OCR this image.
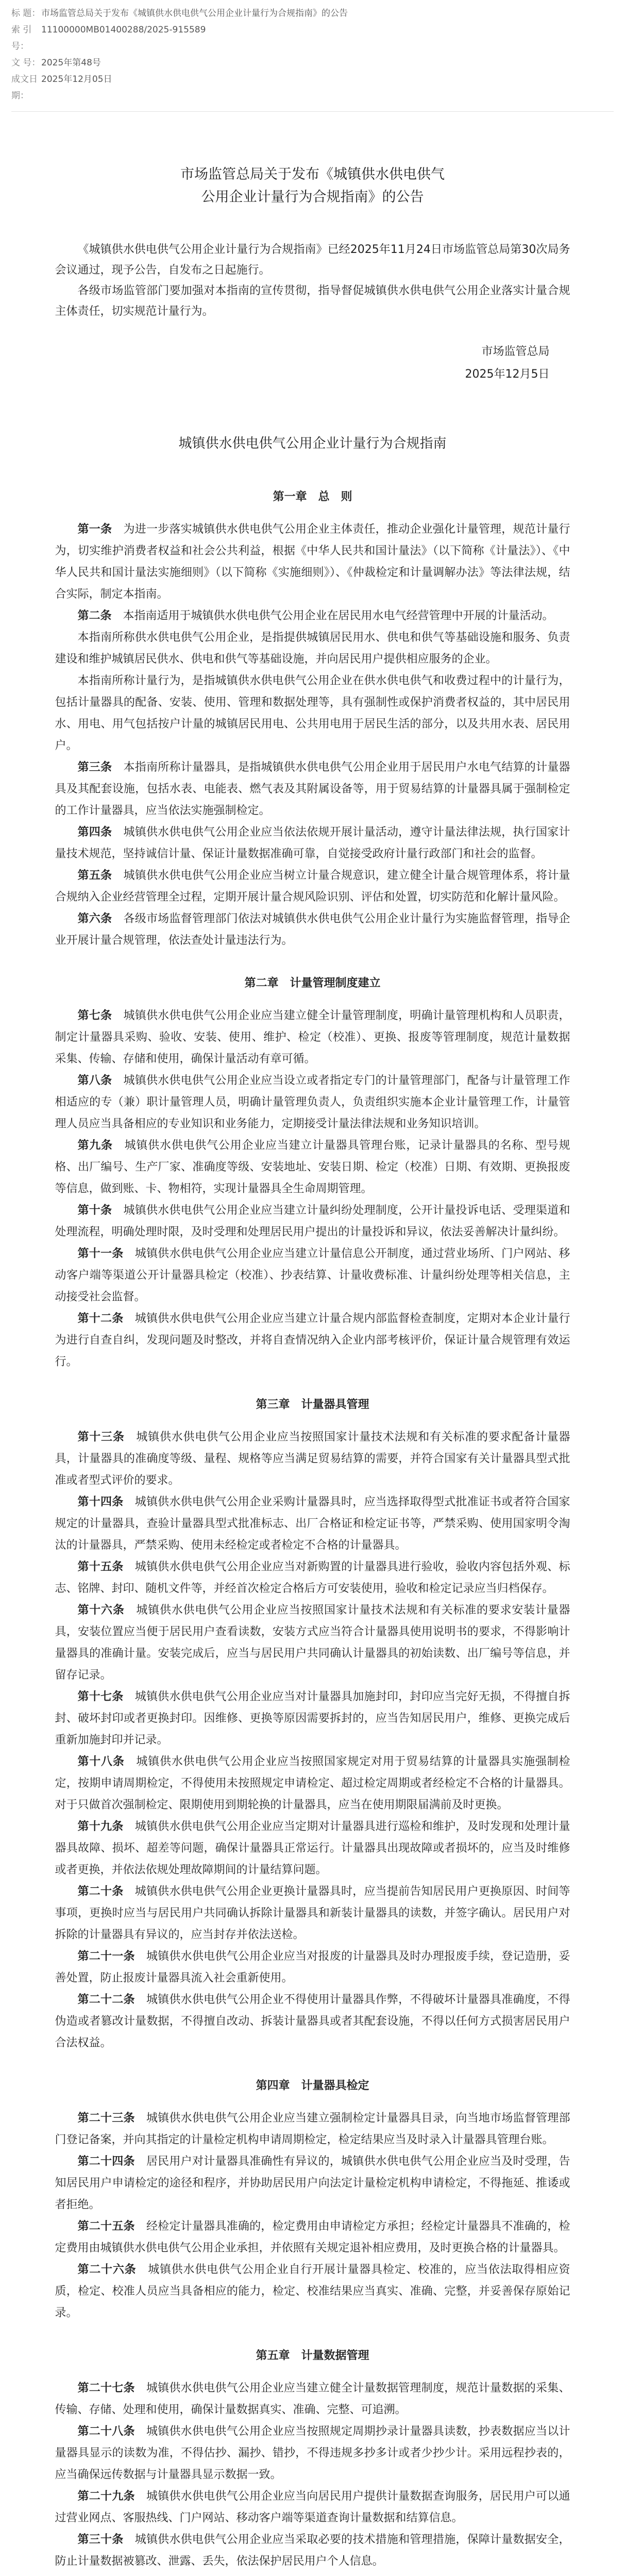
标 题： 市场监管总局关于发布《城镇供水供电供气公用企业计量行为合规指南》的公告
索 引 号：
11100000MB01400288/2025-915589
文 号： 2025年第48号
成文日期：
2025年12月05日
市场监管总局关于发布《城镇供水供电供气
公用企业计量行为合规指南》的公告

《城镇供水供电供气公用企业计量行为合规指南》已经2025年11月24日市场监管总局第30次局务会议通过，现予公告，自发布之日起施行。

各级市场监管部门要加强对本指南的宣传贯彻，指导督促城镇供水供电供气公用企业落实计量合规主体责任，切实规范计量行为。

市场监管总局
2025年12月5日
城镇供水供电供气公用企业计量行为合规指南
第一章　总　则

第一条　 为进一步落实城镇供水供电供气公用企业主体责任，推动企业强化计量管理，规范计量行为，切实维护消费者权益和社会公共利益，根据《中华人民共和国计量法》（以下简称《计量法》）、《中华人民共和国计量法实施细则》（以下简称《实施细则》）、《仲裁检定和计量调解办法》等法律法规，结合实际，制定本指南。

第二条　 本指南适用于城镇供水供电供气公用企业在居民用水电气经营管理中开展的计量活动。

本指南所称供水供电供气公用企业，是指提供城镇居民用水、供电和供气等基础设施和服务、负责建设和维护城镇居民供水、供电和供气等基础设施，并向居民用户提供相应服务的企业。

本指南所称计量行为，是指城镇供水供电供气公用企业在供水供电供气和收费过程中的计量行为，包括计量器具的配备、安装、使用、管理和数据处理等，具有强制性或保护消费者权益的，其中居民用水、用电、用气包括按户计量的城镇居民用电、公共用电用于居民生活的部分，以及共用水表、居民用户。

第三条　 本指南所称计量器具，是指城镇供水供电供气公用企业用于居民用户水电气结算的计量器具及其配套设施，包括水表、电能表、燃气表及其附属设备等，用于贸易结算的计量器具属于强制检定的工作计量器具，应当依法实施强制检定。

第四条　 城镇供水供电供气公用企业应当依法依规开展计量活动，遵守计量法律法规，执行国家计量技术规范，坚持诚信计量、保证计量数据准确可靠，自觉接受政府计量行政部门和社会的监督。

第五条　 城镇供水供电供气公用企业应当树立计量合规意识，建立健全计量合规管理体系，将计量合规纳入企业经营管理全过程，定期开展计量合规风险识别、评估和处置，切实防范和化解计量风险。

第六条　 各级市场监督管理部门依法对城镇供水供电供气公用企业计量行为实施监督管理，指导企业开展计量合规管理，依法查处计量违法行为。

第二章　计量管理制度建立

第七条　 城镇供水供电供气公用企业应当建立健全计量管理制度，明确计量管理机构和人员职责，制定计量器具采购、验收、安装、使用、维护、检定（校准）、更换、报废等管理制度，规范计量数据采集、传输、存储和使用，确保计量活动有章可循。

第八条　 城镇供水供电供气公用企业应当设立或者指定专门的计量管理部门，配备与计量管理工作相适应的专（兼）职计量管理人员，明确计量管理负责人，负责组织实施本企业计量管理工作，计量管理人员应当具备相应的专业知识和业务能力，定期接受计量法律法规和业务知识培训。

第九条　 城镇供水供电供气公用企业应当建立计量器具管理台账，记录计量器具的名称、型号规格、出厂编号、生产厂家、准确度等级、安装地址、安装日期、检定（校准）日期、有效期、更换报废等信息，做到账、卡、物相符，实现计量器具全生命周期管理。

第十条　 城镇供水供电供气公用企业应当建立计量纠纷处理制度，公开计量投诉电话、受理渠道和处理流程，明确处理时限，及时受理和处理居民用户提出的计量投诉和异议，依法妥善解决计量纠纷。

第十一条　 城镇供水供电供气公用企业应当建立计量信息公开制度，通过营业场所、门户网站、移动客户端等渠道公开计量器具检定（校准）、抄表结算、计量收费标准、计量纠纷处理等相关信息，主动接受社会监督。

第十二条　 城镇供水供电供气公用企业应当建立计量合规内部监督检查制度，定期对本企业计量行为进行自查自纠，发现问题及时整改，并将自查情况纳入企业内部考核评价，保证计量合规管理有效运行。

第三章　计量器具管理

第十三条　 城镇供水供电供气公用企业应当按照国家计量技术法规和有关标准的要求配备计量器具，计量器具的准确度等级、量程、规格等应当满足贸易结算的需要，并符合国家有关计量器具型式批准或者型式评价的要求。

第十四条　 城镇供水供电供气公用企业采购计量器具时，应当选择取得型式批准证书或者符合国家规定的计量器具，查验计量器具型式批准标志、出厂合格证和检定证书等，严禁采购、使用国家明令淘汰的计量器具，严禁采购、使用未经检定或者检定不合格的计量器具。

第十五条　 城镇供水供电供气公用企业应当对新购置的计量器具进行验收，验收内容包括外观、标志、铭牌、封印、随机文件等，并经首次检定合格后方可安装使用，验收和检定记录应当归档保存。

第十六条　 城镇供水供电供气公用企业应当按照国家计量技术法规和有关标准的要求安装计量器具，安装位置应当便于居民用户查看读数，安装方式应当符合计量器具使用说明书的要求，不得影响计量器具的准确计量。安装完成后，应当与居民用户共同确认计量器具的初始读数、出厂编号等信息，并留存记录。

第十七条　 城镇供水供电供气公用企业应当对计量器具加施封印，封印应当完好无损，不得擅自拆封、破坏封印或者更换封印。因维修、更换等原因需要拆封的，应当告知居民用户，维修、更换完成后重新加施封印并记录。

第十八条　 城镇供水供电供气公用企业应当按照国家规定对用于贸易结算的计量器具实施强制检定，按期申请周期检定，不得使用未按照规定申请检定、超过检定周期或者经检定不合格的计量器具。对于只做首次强制检定、限期使用到期轮换的计量器具，应当在使用期限届满前及时更换。

第十九条　 城镇供水供电供气公用企业应当定期对计量器具进行巡检和维护，及时发现和处理计量器具故障、损坏、超差等问题，确保计量器具正常运行。计量器具出现故障或者损坏的，应当及时维修或者更换，并依法依规处理故障期间的计量结算问题。

第二十条　 城镇供水供电供气公用企业更换计量器具时，应当提前告知居民用户更换原因、时间等事项，更换时应当与居民用户共同确认拆除计量器具和新装计量器具的读数，并签字确认。居民用户对拆除的计量器具有异议的，应当封存并依法送检。

第二十一条　 城镇供水供电供气公用企业应当对报废的计量器具及时办理报废手续，登记造册，妥善处置，防止报废计量器具流入社会重新使用。

第二十二条　 城镇供水供电供气公用企业不得使用计量器具作弊，不得破坏计量器具准确度，不得伪造或者篡改计量数据，不得擅自改动、拆装计量器具或者其配套设施，不得以任何方式损害居民用户合法权益。

第四章　计量器具检定

第二十三条　 城镇供水供电供气公用企业应当建立强制检定计量器具目录，向当地市场监督管理部门登记备案，并向其指定的计量检定机构申请周期检定，检定结果应当及时录入计量器具管理台账。

第二十四条　 居民用户对计量器具准确性有异议的，城镇供水供电供气公用企业应当及时受理，告知居民用户申请检定的途径和程序，并协助居民用户向法定计量检定机构申请检定，不得拖延、推诿或者拒绝。

第二十五条　 经检定计量器具准确的，检定费用由申请检定方承担；经检定计量器具不准确的，检定费用由城镇供水供电供气公用企业承担，并依照有关规定退补相应费用，及时更换合格的计量器具。

第二十六条　 城镇供水供电供气公用企业自行开展计量器具检定、校准的，应当依法取得相应资质，检定、校准人员应当具备相应的能力，检定、校准结果应当真实、准确、完整，并妥善保存原始记录。

第五章　计量数据管理

第二十七条　 城镇供水供电供气公用企业应当建立健全计量数据管理制度，规范计量数据的采集、传输、存储、处理和使用，确保计量数据真实、准确、完整、可追溯。

第二十八条　 城镇供水供电供气公用企业应当按照规定周期抄录计量器具读数，抄表数据应当以计量器具显示的读数为准，不得估抄、漏抄、错抄，不得违规多抄多计或者少抄少计。采用远程抄表的，应当确保远传数据与计量器具显示数据一致。

第二十九条　 城镇供水供电供气公用企业应当向居民用户提供计量数据查询服务，居民用户可以通过营业网点、客服热线、门户网站、移动客户端等渠道查询计量数据和结算信息。

第三十条　 城镇供水供电供气公用企业应当采取必要的技术措施和管理措施，保障计量数据安全，防止计量数据被篡改、泄露、丢失，依法保护居民用户个人信息。
